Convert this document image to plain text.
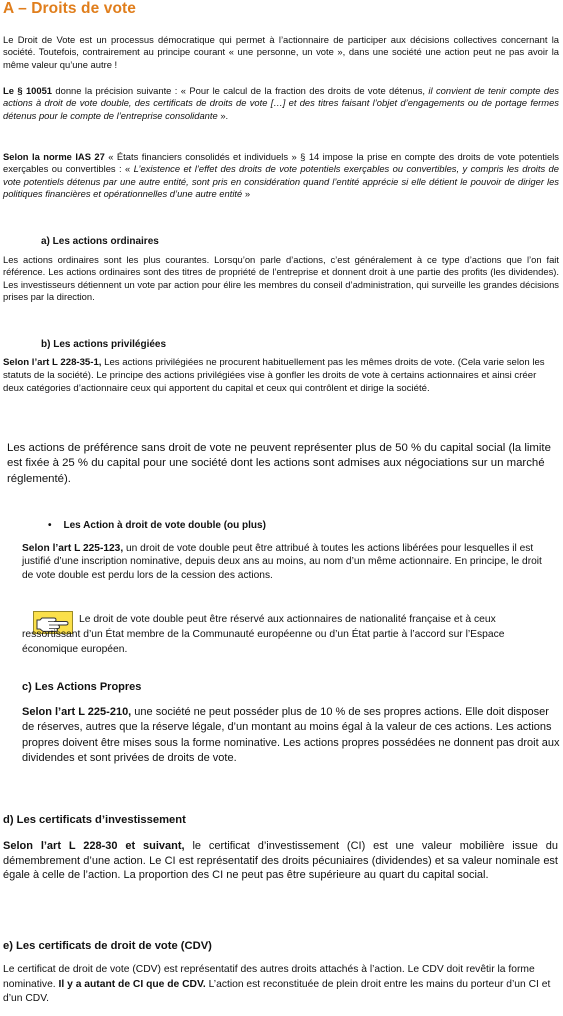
A – Droits de vote

Le Droit de Vote est un processus démocratique qui permet à l’actionnaire de participer aux décisions collectives concernant la société. Toutefois, contrairement au principe courant « une personne, un vote », dans une société une action peut ne pas avoir la même valeur qu’une autre !

Le § 10051 donne la précision suivante : « Pour le calcul de la fraction des droits de vote détenus, il convient de tenir compte des actions à droit de vote double, des certificats de droits de vote […] et des titres faisant l’objet d’engagements ou de portage fermes détenus pour le compte de l’entreprise consolidante ».

Selon la norme IAS 27 « États financiers consolidés et individuels » § 14 impose la prise en compte des droits de vote potentiels exerçables ou convertibles : « L’existence et l’effet des droits de vote potentiels exerçables ou convertibles, y compris les droits de vote potentiels détenus par une autre entité, sont pris en considération quand l’entité apprécie si elle détient le pouvoir de diriger les politiques financières et opérationnelles d’une autre entité »

a) Les actions ordinaires

Les actions ordinaires sont les plus courantes. Lorsqu’on parle d’actions, c’est généralement à ce type d’actions que l’on fait référence. Les actions ordinaires sont des titres de propriété de l’entreprise et donnent droit à une partie des profits (les dividendes). Les investisseurs détiennent un vote par action pour élire les membres du conseil d’administration, qui surveille les grandes décisions prises par la direction.

b) Les actions privilégiées

Selon l’art L 228-35-1, Les actions privilégiées ne procurent habituellement pas les mêmes droits de vote. (Cela varie selon les statuts de la société). Le principe des actions privilégiées vise à gonfler les droits de vote à certains actionnaires et ainsi créer deux catégories d’actionnaire ceux qui apportent du capital et ceux qui contrôlent et dirige la société.

Les actions de préférence sans droit de vote ne peuvent représenter plus de 50 % du capital social (la limite est fixée à 25 % du capital pour une société dont les actions sont admises aux négociations sur un marché réglementé).

• Les Action à droit de vote double (ou plus)

Selon l’art L 225-123, un droit de vote double peut être attribué à toutes les actions libérées pour lesquelles il est justifié d’une inscription nominative, depuis deux ans au moins, au nom d’un même actionnaire. En principe, le droit de vote double est perdu lors de la cession des actions.

Le droit de vote double peut être réservé aux actionnaires de nationalité française et à ceux ressortissant d’un État membre de la Communauté européenne ou d’un État partie à l’accord sur l’Espace économique européen.

c) Les Actions Propres

Selon l’art L 225-210, une société ne peut posséder plus de 10 % de ses propres actions. Elle doit disposer de réserves, autres que la réserve légale, d’un montant au moins égal à la valeur de ces actions. Les actions propres doivent être mises sous la forme nominative. Les actions propres possédées ne donnent pas droit aux dividendes et sont privées de droits de vote.

d) Les certificats d’investissement

Selon l’art L 228-30 et suivant, le certificat d’investissement (CI) est une valeur mobilière issue du démembrement d’une action. Le CI est représentatif des droits pécuniaires (dividendes) et sa valeur nominale est égale à celle de l’action. La proportion des CI ne peut pas être supérieure au quart du capital social.

e) Les certificats de droit de vote (CDV)

Le certificat de droit de vote (CDV) est représentatif des autres droits attachés à l’action. Le CDV doit revêtir la forme nominative. Il y a autant de CI que de CDV. L’action est reconstituée de plein droit entre les mains du porteur d’un CI et d’un CDV.
